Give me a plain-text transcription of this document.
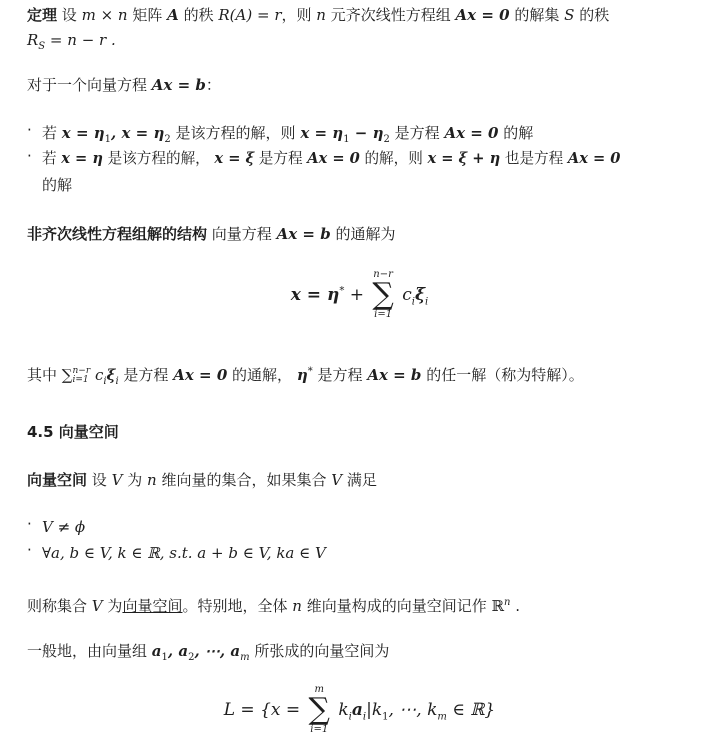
定理 设 m × n 矩阵 A 的秩 R(A) = r，则 n 元齐次线性方程组 Ax = 0 的解集 S 的秩
$R_S = n - r$ .
对于一个向量方程 Ax = b：
· 若 $x = \eta_1$, $x = \eta_2$ 是该方程的解，则 $x = \eta_1 - \eta_2$ 是方程 Ax = 0 的解
· 若 x = η 是该方程的解， x = ξ 是方程 Ax = 0 的解，则 x = ξ + η 也是方程 Ax = 0
的解
非齐次线性方程组解的结构 向量方程 Ax = b 的通解为
x = η* +
n−r
∑
i=1
$c_i\xi_i$
其中 ∑ n−r
i=1 $c_i\xi_i$ 是方程 Ax = 0 的通解， η* 是方程 Ax = b 的任一解（称为特解）。
4.5 向量空间
向量空间 设 V 为 n 维向量的集合，如果集合 V 满足
· V ≠ ϕ
· ∀a, b ∈ V, k ∈ ℝ, s.t. a + b ∈ V, ka ∈ V
则称集合 V 为向量空间。特别地，全体 n 维向量构成的向量空间记作 ℝ$^n$ .
一般地，由向量组 $a_1$, $a_2$, ⋯, $a_m$ 所张成的向量空间为
L = {x =
m
∑
i=1
$k_ia_i|k_1$, ⋯, $k_m$ ∈ ℝ}
